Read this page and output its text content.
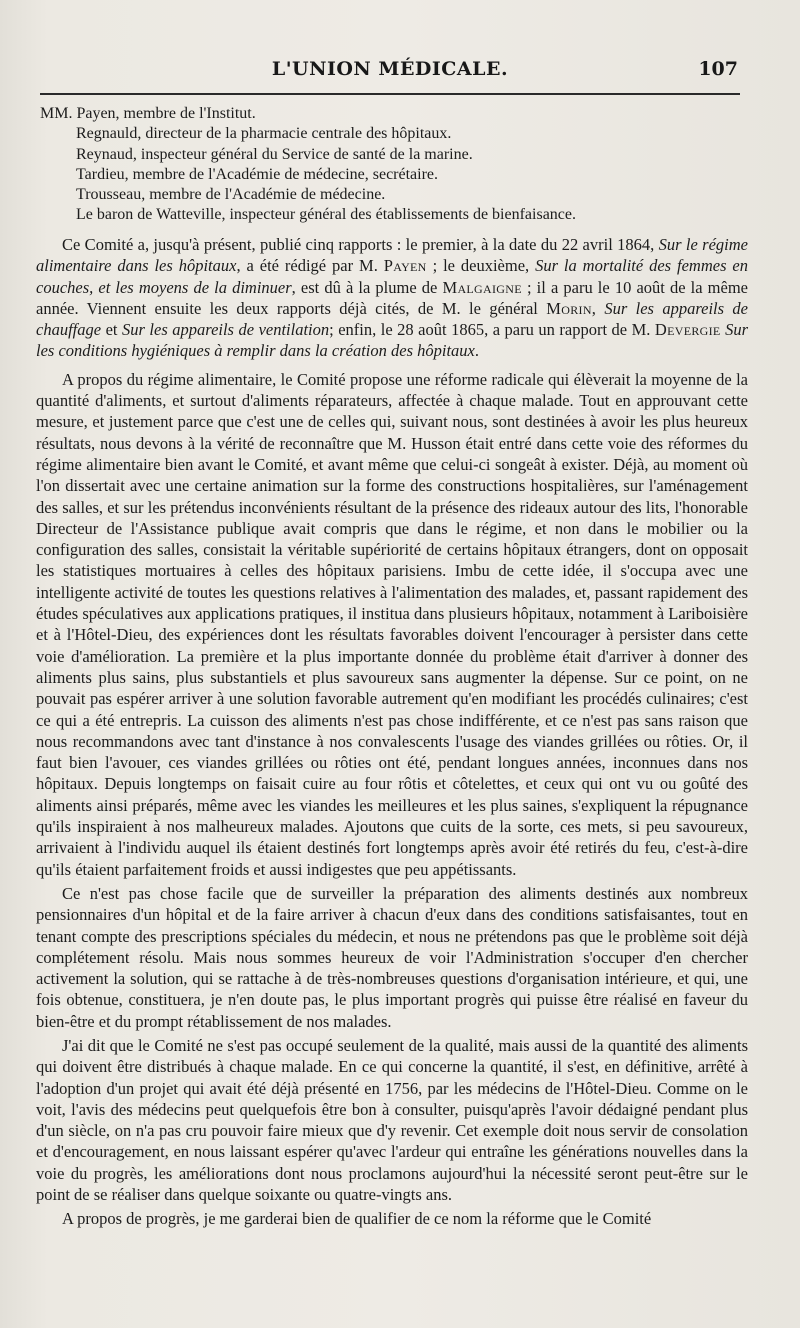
L'UNION MÉDICALE.	107
MM. Payen, membre de l'Institut.
Regnauld, directeur de la pharmacie centrale des hôpitaux.
Reynaud, inspecteur général du Service de santé de la marine.
Tardieu, membre de l'Académie de médecine, secrétaire.
Trousseau, membre de l'Académie de médecine.
Le baron de Watteville, inspecteur général des établissements de bienfaisance.

Ce Comité a, jusqu'à présent, publié cinq rapports : le premier, à la date du 22 avril 1864, Sur le régime alimentaire dans les hôpitaux, a été rédigé par M. Payen ; le deuxième, Sur la mortalité des femmes en couches, et les moyens de la diminuer, est dû à la plume de Malgaigne ; il a paru le 10 août de la même année. Viennent ensuite les deux rapports déjà cités, de M. le général Morin, Sur les appareils de chauffage et Sur les appareils de ventilation; enfin, le 28 août 1865, a paru un rapport de M. Devergie Sur les conditions hygiéniques à remplir dans la création des hôpitaux.

A propos du régime alimentaire, le Comité propose une réforme radicale qui élèverait la moyenne de la quantité d'aliments, et surtout d'aliments réparateurs, affectée à chaque malade. Tout en approuvant cette mesure, et justement parce que c'est une de celles qui, suivant nous, sont destinées à avoir les plus heureux résultats, nous devons à la vérité de reconnaître que M. Husson était entré dans cette voie des réformes du régime alimentaire bien avant le Comité, et avant même que celui-ci songeât à exister. Déjà, au moment où l'on dissertait avec une certaine animation sur la forme des constructions hospitalières, sur l'aménagement des salles, et sur les prétendus inconvénients résultant de la présence des rideaux autour des lits, l'honorable Directeur de l'Assistance publique avait compris que dans le régime, et non dans le mobilier ou la configuration des salles, consistait la véritable supériorité de certains hôpitaux étrangers, dont on opposait les statistiques mortuaires à celles des hôpitaux parisiens. Imbu de cette idée, il s'occupa avec une intelligente activité de toutes les questions relatives à l'alimentation des malades, et, passant rapidement des études spéculatives aux applications pratiques, il institua dans plusieurs hôpitaux, notamment à Lariboisière et à l'Hôtel-Dieu, des expériences dont les résultats favorables doivent l'encourager à persister dans cette voie d'amélioration. La première et la plus importante donnée du problème était d'arriver à donner des aliments plus sains, plus substantiels et plus savoureux sans augmenter la dépense. Sur ce point, on ne pouvait pas espérer arriver à une solution favorable autrement qu'en modifiant les procédés culinaires; c'est ce qui a été entrepris. La cuisson des aliments n'est pas chose indifférente, et ce n'est pas sans raison que nous recommandons avec tant d'instance à nos convalescents l'usage des viandes grillées ou rôties. Or, il faut bien l'avouer, ces viandes grillées ou rôties ont été, pendant longues années, inconnues dans nos hôpitaux. Depuis longtemps on faisait cuire au four rôtis et côtelettes, et ceux qui ont vu ou goûté des aliments ainsi préparés, même avec les viandes les meilleures et les plus saines, s'expliquent la répugnance qu'ils inspiraient à nos malheureux malades. Ajoutons que cuits de la sorte, ces mets, si peu savoureux, arrivaient à l'individu auquel ils étaient destinés fort longtemps après avoir été retirés du feu, c'est-à-dire qu'ils étaient parfaitement froids et aussi indigestes que peu appétissants.

Ce n'est pas chose facile que de surveiller la préparation des aliments destinés aux nombreux pensionnaires d'un hôpital et de la faire arriver à chacun d'eux dans des conditions satisfaisantes, tout en tenant compte des prescriptions spéciales du médecin, et nous ne prétendons pas que le problème soit déjà complétement résolu. Mais nous sommes heureux de voir l'Administration s'occuper d'en chercher activement la solution, qui se rattache à de très-nombreuses questions d'organisation intérieure, et qui, une fois obtenue, constituera, je n'en doute pas, le plus important progrès qui puisse être réalisé en faveur du bien-être et du prompt rétablissement de nos malades.

J'ai dit que le Comité ne s'est pas occupé seulement de la qualité, mais aussi de la quantité des aliments qui doivent être distribués à chaque malade. En ce qui concerne la quantité, il s'est, en définitive, arrêté à l'adoption d'un projet qui avait été déjà présenté en 1756, par les médecins de l'Hôtel-Dieu. Comme on le voit, l'avis des médecins peut quelquefois être bon à consulter, puisqu'après l'avoir dédaigné pendant plus d'un siècle, on n'a pas cru pouvoir faire mieux que d'y revenir. Cet exemple doit nous servir de consolation et d'encouragement, en nous laissant espérer qu'avec l'ardeur qui entraîne les générations nouvelles dans la voie du progrès, les améliorations dont nous proclamons aujourd'hui la nécessité seront peut-être sur le point de se réaliser dans quelque soixante ou quatre-vingts ans.

A propos de progrès, je me garderai bien de qualifier de ce nom la réforme que le Comité
